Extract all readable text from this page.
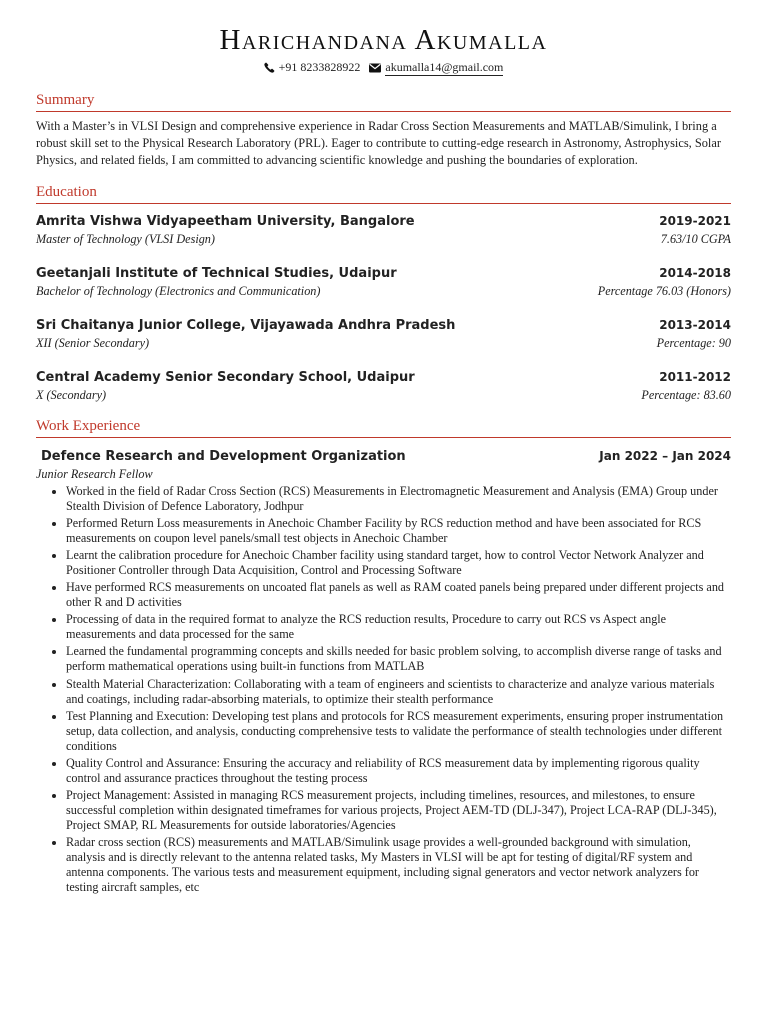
Harichandana Akumalla
+91 8233828922
akumalla14@gmail.com
Summary
With a Master’s in VLSI Design and comprehensive experience in Radar Cross Section Measurements and MATLAB/Simulink, I bring a robust skill set to the Physical Research Laboratory (PRL). Eager to contribute to cutting-edge research in Astronomy, Astrophysics, Solar Physics, and related fields, I am committed to advancing scientific knowledge and pushing the boundaries of exploration.
Education
Amrita Vishwa Vidyapeetham University, Bangalore	2019-2021
Master of Technology (VLSI Design)	7.63/10 CGPA
Geetanjali Institute of Technical Studies, Udaipur	2014-2018
Bachelor of Technology (Electronics and Communication)	Percentage 76.03 (Honors)
Sri Chaitanya Junior College, Vijayawada Andhra Pradesh	2013-2014
XII (Senior Secondary)	Percentage: 90
Central Academy Senior Secondary School, Udaipur	2011-2012
X (Secondary)	Percentage: 83.60
Work Experience
Defence Research and Development Organization	Jan 2022 – Jan 2024
Junior Research Fellow
• Worked in the field of Radar Cross Section (RCS) Measurements in Electromagnetic Measurement and Analysis (EMA) Group under Stealth Division of Defence Laboratory, Jodhpur
• Performed Return Loss measurements in Anechoic Chamber Facility by RCS reduction method and have been associated for RCS measurements on coupon level panels/small test objects in Anechoic Chamber
• Learnt the calibration procedure for Anechoic Chamber facility using standard target, how to control Vector Network Analyzer and Positioner Controller through Data Acquisition, Control and Processing Software
• Have performed RCS measurements on uncoated flat panels as well as RAM coated panels being prepared under different projects and other R and D activities
• Processing of data in the required format to analyze the RCS reduction results, Procedure to carry out RCS vs Aspect angle measurements and data processed for the same
• Learned the fundamental programming concepts and skills needed for basic problem solving, to accomplish diverse range of tasks and perform mathematical operations using built-in functions from MATLAB
• Stealth Material Characterization: Collaborating with a team of engineers and scientists to characterize and analyze various materials and coatings, including radar-absorbing materials, to optimize their stealth performance
• Test Planning and Execution: Developing test plans and protocols for RCS measurement experiments, ensuring proper instrumentation setup, data collection, and analysis, conducting comprehensive tests to validate the performance of stealth technologies under different conditions
• Quality Control and Assurance: Ensuring the accuracy and reliability of RCS measurement data by implementing rigorous quality control and assurance practices throughout the testing process
• Project Management: Assisted in managing RCS measurement projects, including timelines, resources, and milestones, to ensure successful completion within designated timeframes for various projects, Project AEM-TD (DLJ-347), Project LCA-RAP (DLJ-345), Project SMAP, RL Measurements for outside laboratories/Agencies
• Radar cross section (RCS) measurements and MATLAB/Simulink usage provides a well-grounded background with simulation, analysis and is directly relevant to the antenna related tasks, My Masters in VLSI will be apt for testing of digital/RF system and antenna components. The various tests and measurement equipment, including signal generators and vector network analyzers for testing aircraft samples, etc
